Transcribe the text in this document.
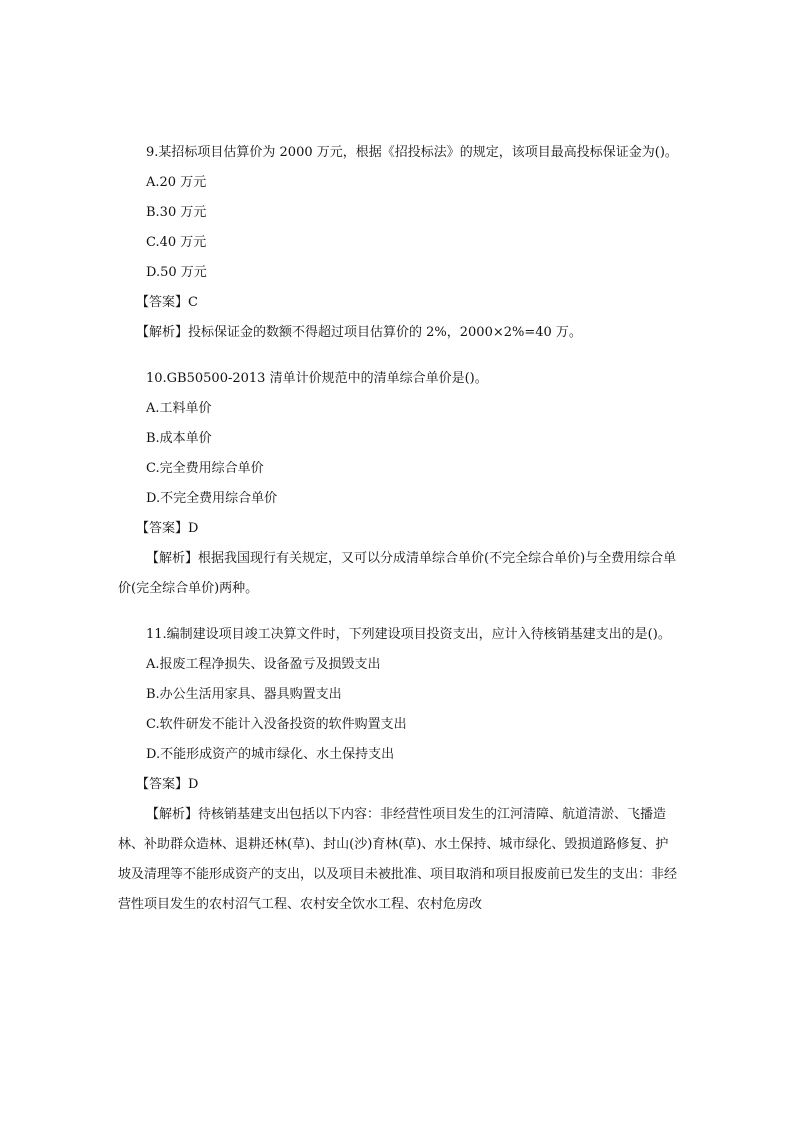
9.某招标项目估算价为 2000 万元，根据《招投标法》的规定，该项目最高投标保证金为()。
A.20 万元
B.30 万元
C.40 万元
D.50 万元
【答案】C
【解析】投标保证金的数额不得超过项目估算价的 2%，2000×2%=40 万。
10.GB50500-2013 清单计价规范中的清单综合单价是()。
A.工料单价
B.成本单价
C.完全费用综合单价
D.不完全费用综合单价
【答案】D
【解析】根据我国现行有关规定，又可以分成清单综合单价(不完全综合单价)与全费用综合单价(完全综合单价)两种。
11.编制建设项目竣工决算文件时，下列建设项目投资支出，应计入待核销基建支出的是()。
A.报废工程净损失、设备盈亏及损毁支出
B.办公生活用家具、器具购置支出
C.软件研发不能计入没备投资的软件购置支出
D.不能形成资产的城市绿化、水土保持支出
【答案】D
【解析】待核销基建支出包括以下内容：非经营性项目发生的江河清障、航道清淤、飞播造林、补助群众造林、退耕还林(草)、封山(沙)育林(草)、水土保持、城市绿化、毁损道路修复、护坡及清理等不能形成资产的支出，以及项目未被批准、项目取消和项目报废前已发生的支出：非经营性项目发生的农村沼气工程、农村安全饮水工程、农村危房改
